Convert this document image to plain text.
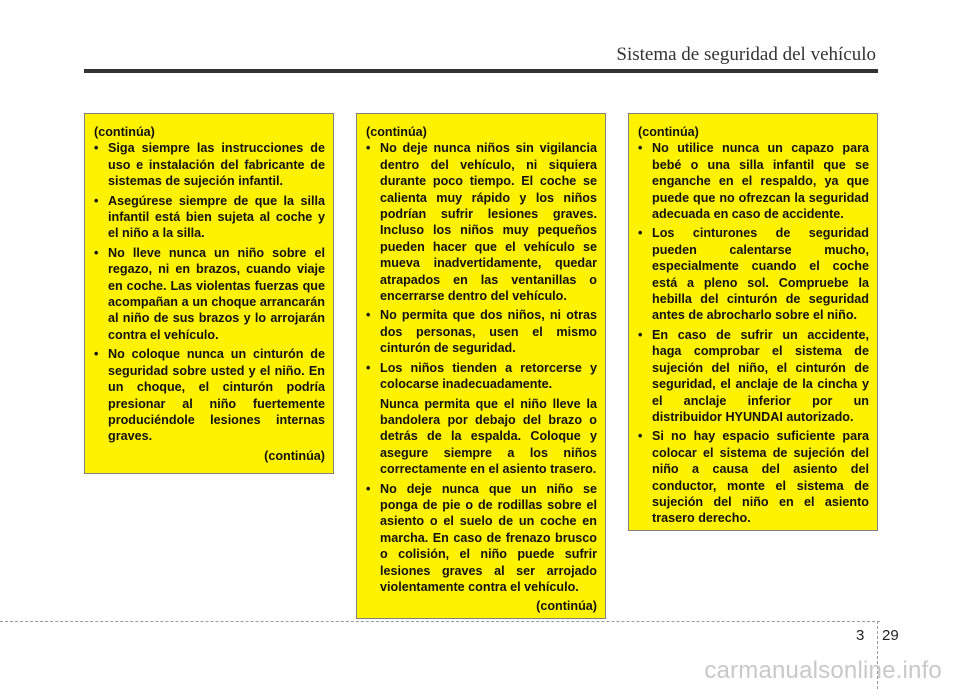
Sistema de seguridad del vehículo
(continúa)

• Siga siempre las instrucciones de uso e instalación del fabricante de sistemas de sujeción infantil.

• Asegúrese siempre de que la silla infantil está bien sujeta al coche y el niño a la silla.

• No lleve nunca un niño sobre el regazo, ni en brazos, cuando viaje en coche. Las violentas fuerzas que acompañan a un choque arrancarán al niño de sus brazos y lo arrojarán contra el vehículo.

• No coloque nunca un cinturón de seguridad sobre usted y el niño. En un choque, el cinturón podría presionar al niño fuertemente produciéndole lesiones internas graves.

(continúa)
(continúa)

• No deje nunca niños sin vigilancia dentro del vehículo, ni siquiera durante poco tiempo. El coche se calienta muy rápido y los niños podrían sufrir lesiones graves. Incluso los niños muy pequeños pueden hacer que el vehículo se mueva inadvertidamente, quedar atrapados en las ventanillas o encerrarse dentro del vehículo.

• No permita que dos niños, ni otras dos personas, usen el mismo cinturón de seguridad.

• Los niños tienden a retorcerse y colocarse inadecuadamente.

Nunca permita que el niño lleve la bandolera por debajo del brazo o detrás de la espalda. Coloque y asegure siempre a los niños correctamente en el asiento trasero.

• No deje nunca que un niño se ponga de pie o de rodillas sobre el asiento o el suelo de un coche en marcha. En caso de frenazo brusco o colisión, el niño puede sufrir lesiones graves al ser arrojado violentamente contra el vehículo.

(continúa)
(continúa)

• No utilice nunca un capazo para bebé o una silla infantil que se enganche en el respaldo, ya que puede que no ofrezcan la seguridad adecuada en caso de accidente.

• Los cinturones de seguridad pueden calentarse mucho, especialmente cuando el coche está a pleno sol. Compruebe la hebilla del cinturón de seguridad antes de abrocharlo sobre el niño.

• En caso de sufrir un accidente, haga comprobar el sistema de sujeción del niño, el cinturón de seguridad, el anclaje de la cincha y el anclaje inferior por un distribuidor HYUNDAI autorizado.

• Si no hay espacio suficiente para colocar el sistema de sujeción del niño a causa del asiento del conductor, monte el sistema de sujeción del niño en el asiento trasero derecho.

3 29
carmanualsonline.info
